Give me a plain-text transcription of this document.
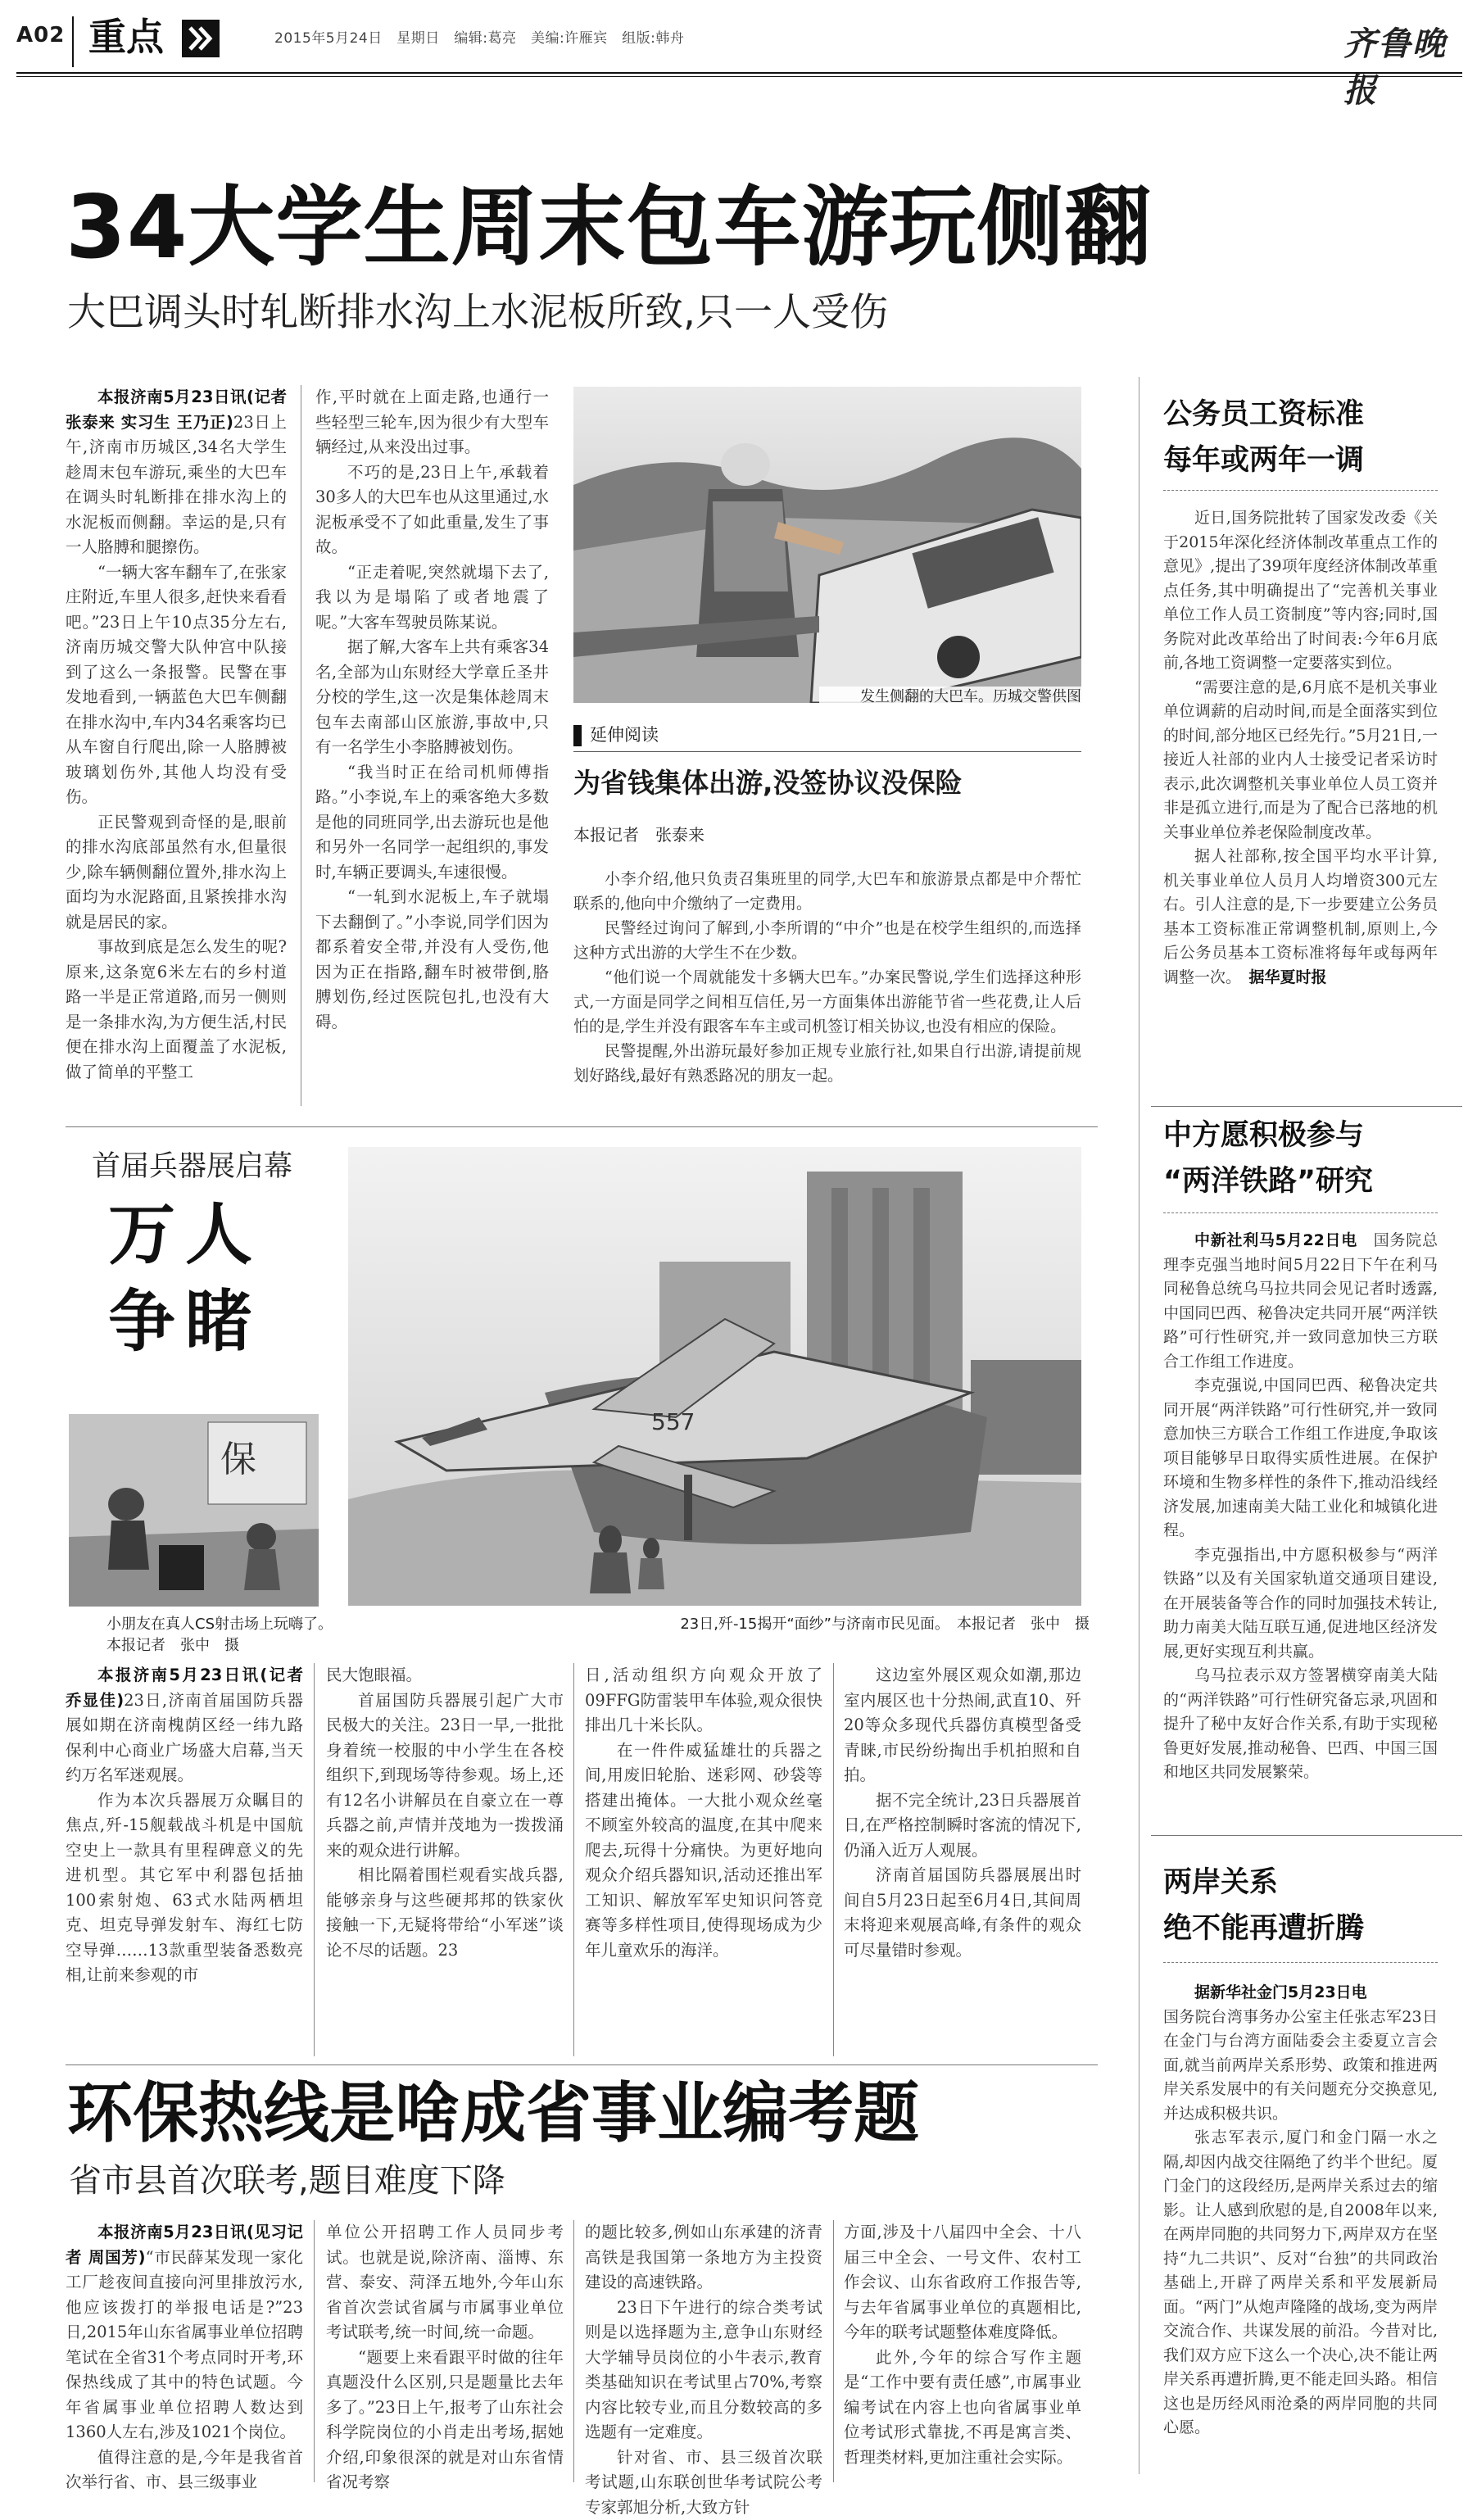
A02 重点	2015年5月24日　星期日　编辑:葛亮　美编:许雁宾　组版:韩舟	齐鲁晚报
34大学生周末包车游玩侧翻
大巴调头时轧断排水沟上水泥板所致,只一人受伤

本报济南5月23日讯(记者 张泰来 实习生 王乃正)23日上午,济南市历城区,34名大学生趁周末包车游玩,乘坐的大巴车在调头时轧断排在排水沟上的水泥板而侧翻。幸运的是,只有一人胳膊和腿擦伤。

“一辆大客车翻车了,在张家庄附近,车里人很多,赶快来看看吧。”23日上午10点35分左右,济南历城交警大队仲宫中队接到了这么一条报警。民警在事发地看到,一辆蓝色大巴车侧翻在排水沟中,车内34名乘客均已从车窗自行爬出,除一人胳膊被玻璃划伤外,其他人均没有受伤。

正民警观到奇怪的是,眼前的排水沟底部虽然有水,但量很少,除车辆侧翻位置外,排水沟上面均为水泥路面,且紧挨排水沟就是居民的家。

事故到底是怎么发生的呢?原来,这条宽6米左右的乡村道路一半是正常道路,而另一侧则是一条排水沟,为方便生活,村民便在排水沟上面覆盖了水泥板,做了简单的平整工

作,平时就在上面走路,也通行一些轻型三轮车,因为很少有大型车辆经过,从来没出过事。

不巧的是,23日上午,承载着30多人的大巴车也从这里通过,水泥板承受不了如此重量,发生了事故。

“正走着呢,突然就塌下去了,我以为是塌陷了或者地震了呢。”大客车驾驶员陈某说。

据了解,大客车上共有乘客34名,全部为山东财经大学章丘圣井分校的学生,这一次是集体趁周末包车去南部山区旅游,事故中,只有一名学生小李胳膊被划伤。

“我当时正在给司机师傅指路。”小李说,车上的乘客绝大多数是他的同班同学,出去游玩也是他和另外一名同学一起组织的,事发时,车辆正要调头,车速很慢。

“一轧到水泥板上,车子就塌下去翻倒了。”小李说,同学们因为都系着安全带,并没有人受伤,他因为正在指路,翻车时被带倒,胳膊划伤,经过医院包扎,也没有大碍。

发生侧翻的大巴车。历城交警供图
延伸阅读
为省钱集体出游,没签协议没保险
本报记者　张泰来

小李介绍,他只负责召集班里的同学,大巴车和旅游景点都是中介帮忙联系的,他向中介缴纳了一定费用。

民警经过询问了解到,小李所谓的“中介”也是在校学生组织的,而选择这种方式出游的大学生不在少数。

“他们说一个周就能发十多辆大巴车。”办案民警说,学生们选择这种形式,一方面是同学之间相互信任,另一方面集体出游能节省一些花费,让人后怕的是,学生并没有跟客车车主或司机签订相关协议,也没有相应的保险。

民警提醒,外出游玩最好参加正规专业旅行社,如果自行出游,请提前规划好路线,最好有熟悉路况的朋友一起。

公务员工资标准
每年或两年一调

近日,国务院批转了国家发改委《关于2015年深化经济体制改革重点工作的意见》,提出了39项年度经济体制改革重点任务,其中明确提出了“完善机关事业单位工作人员工资制度”等内容;同时,国务院对此改革给出了时间表:今年6月底前,各地工资调整一定要落实到位。

“需要注意的是,6月底不是机关事业单位调薪的启动时间,而是全面落实到位的时间,部分地区已经先行。”5月21日,一接近人社部的业内人士接受记者采访时表示,此次调整机关事业单位人员工资并非是孤立进行,而是为了配合已落地的机关事业单位养老保险制度改革。

据人社部称,按全国平均水平计算,机关事业单位人员月人均增资300元左右。引人注意的是,下一步要建立公务员基本工资标准正常调整机制,原则上,今后公务员基本工资标准将每年或每两年调整一次。　 据华夏时报

中方愿积极参与
“两洋铁路”研究

中新社利马5月22日电　 国务院总理李克强当地时间5月22日下午在利马同秘鲁总统乌马拉共同会见记者时透露,中国同巴西、秘鲁决定共同开展“两洋铁路”可行性研究,并一致同意加快三方联合工作组工作进度。

李克强说,中国同巴西、秘鲁决定共同开展“两洋铁路”可行性研究,并一致同意加快三方联合工作组工作进度,争取该项目能够早日取得实质性进展。在保护环境和生物多样性的条件下,推动沿线经济发展,加速南美大陆工业化和城镇化进程。

李克强指出,中方愿积极参与“两洋铁路”以及有关国家轨道交通项目建设,在开展装备等合作的同时加强技术转让,助力南美大陆互联互通,促进地区经济发展,更好实现互利共赢。

乌马拉表示双方签署横穿南美大陆的“两洋铁路”可行性研究备忘录,巩固和提升了秘中友好合作关系,有助于实现秘鲁更好发展,推动秘鲁、巴西、中国三国和地区共同发展繁荣。

两岸关系
绝不能再遭折腾

据新华社金门5月23日电

国务院台湾事务办公室主任张志军23日在金门与台湾方面陆委会主委夏立言会面,就当前两岸关系形势、政策和推进两岸关系发展中的有关问题充分交换意见,并达成积极共识。

张志军表示,厦门和金门隔一水之隔,却因内战交往隔绝了约半个世纪。厦门金门的这段经历,是两岸关系过去的缩影。让人感到欣慰的是,自2008年以来,在两岸同胞的共同努力下,两岸双方在坚持“九二共识”、反对“台独”的共同政治基础上,开辟了两岸关系和平发展新局面。“两门”从炮声隆隆的战场,变为两岸交流合作、共谋发展的前沿。今昔对比,我们双方应下这么一个决心,决不能让两岸关系再遭折腾,更不能走回头路。相信这也是历经风雨沧桑的两岸同胞的共同心愿。

首届兵器展启幕
万人
争睹
保
小朋友在真人CS射击场上玩嗨了。 本报记者　张中　摄
557
23日,歼-15揭开“面纱”与济南市民见面。　本报记者　张中　摄

本报济南5月23日讯(记者 乔显佳)23日,济南首届国防兵器展如期在济南槐荫区经一纬九路保利中心商业广场盛大启幕,当天约万名军迷观展。

作为本次兵器展万众瞩目的焦点,歼-15舰载战斗机是中国航空史上一款具有里程碑意义的先进机型。其它军中利器包括抽100索射炮、63式水陆两栖坦克、坦克导弹发射车、海红七防空导弹……13款重型装备悉数亮相,让前来参观的市

民大饱眼福。

首届国防兵器展引起广大市民极大的关注。23日一早,一批批身着统一校服的中小学生在各校组织下,到现场等待参观。场上,还有12名小讲解员在自豪立在一尊兵器之前,声情并茂地为一拨拨涌来的观众进行讲解。

相比隔着围栏观看实战兵器,能够亲身与这些硬邦邦的铁家伙接触一下,无疑将带给“小军迷”谈论不尽的话题。23

日,活动组织方向观众开放了09FFG防雷装甲车体验,观众很快排出几十米长队。

在一件件威猛雄壮的兵器之间,用废旧轮胎、迷彩网、砂袋等搭建出掩体。一大批小观众丝毫不顾室外较高的温度,在其中爬来爬去,玩得十分痛快。为更好地向观众介绍兵器知识,活动还推出军工知识、解放军军史知识问答竞赛等多样性项目,使得现场成为少年儿童欢乐的海洋。

这边室外展区观众如潮,那边室内展区也十分热闹,武直10、歼20等众多现代兵器仿真模型备受青睐,市民纷纷掏出手机拍照和自拍。

据不完全统计,23日兵器展首日,在严格控制瞬时客流的情况下,仍涌入近万人观展。

济南首届国防兵器展展出时间自5月23日起至6月4日,其间周末将迎来观展高峰,有条件的观众可尽量错时参观。

环保热线是啥成省事业编考题
省市县首次联考,题目难度下降

本报济南5月23日讯(见习记者 周国芳)“市民薛某发现一家化工厂趁夜间直接向河里排放污水,他应该拨打的举报电话是?”23日,2015年山东省属事业单位招聘笔试在全省31个考点同时开考,环保热线成了其中的特色试题。今年省属事业单位招聘人数达到1360人左右,涉及1021个岗位。

值得注意的是,今年是我省首次举行省、市、县三级事业

单位公开招聘工作人员同步考试。也就是说,除济南、淄博、东营、泰安、菏泽五地外,今年山东省首次尝试省属与市属事业单位考试联考,统一时间,统一命题。

“题要上来看跟平时做的往年真题没什么区别,只是题量比去年多了。”23日上午,报考了山东社会科学院岗位的小肖走出考场,据她介绍,印象很深的就是对山东省情省况考察

的题比较多,例如山东承建的济青高铁是我国第一条地方为主投资建设的高速铁路。

23日下午进行的综合类考试则是以选择题为主,意争山东财经大学辅导员岗位的小牛表示,教育类基础知识在考试里占70%,考察内容比较专业,而且分数较高的多选题有一定难度。

针对省、市、县三级首次联考试题,山东联创世华考试院公考专家郭旭分析,大致方针

方面,涉及十八届四中全会、十八届三中全会、一号文件、农村工作会议、山东省政府工作报告等,与去年省属事业单位的真题相比,今年的联考试题整体难度降低。

此外,今年的综合写作主题是“工作中要有责任感”,市属事业编考试在内容上也向省属事业单位考试形式靠拢,不再是寓言类、哲理类材料,更加注重社会实际。
